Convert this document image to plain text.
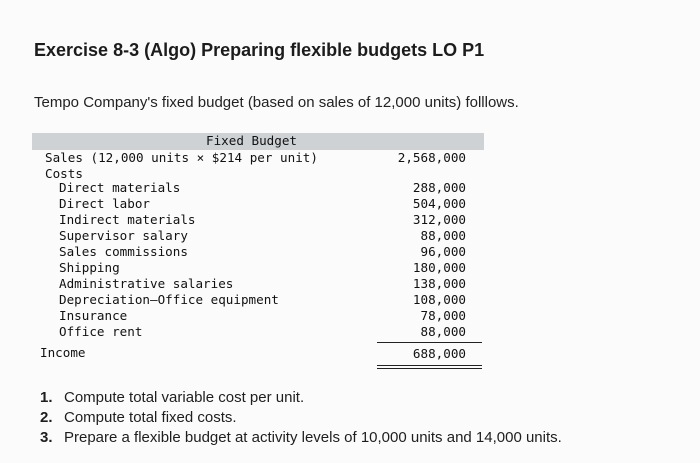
Exercise 8-3 (Algo) Preparing flexible budgets LO P1
Tempo Company's fixed budget (based on sales of 12,000 units) folllows.
Fixed Budget
Sales (12,000 units × $214 per unit)	2,568,000
Costs
Direct materials	288,000
Direct labor	504,000
Indirect materials	312,000
Supervisor salary	88,000
Sales commissions	96,000
Shipping	180,000
Administrative salaries	138,000
Depreciation—Office equipment	108,000
Insurance	78,000
Office rent	88,000
Income	688,000
1. Compute total variable cost per unit.
2. Compute total fixed costs.
3. Prepare a flexible budget at activity levels of 10,000 units and 14,000 units.
